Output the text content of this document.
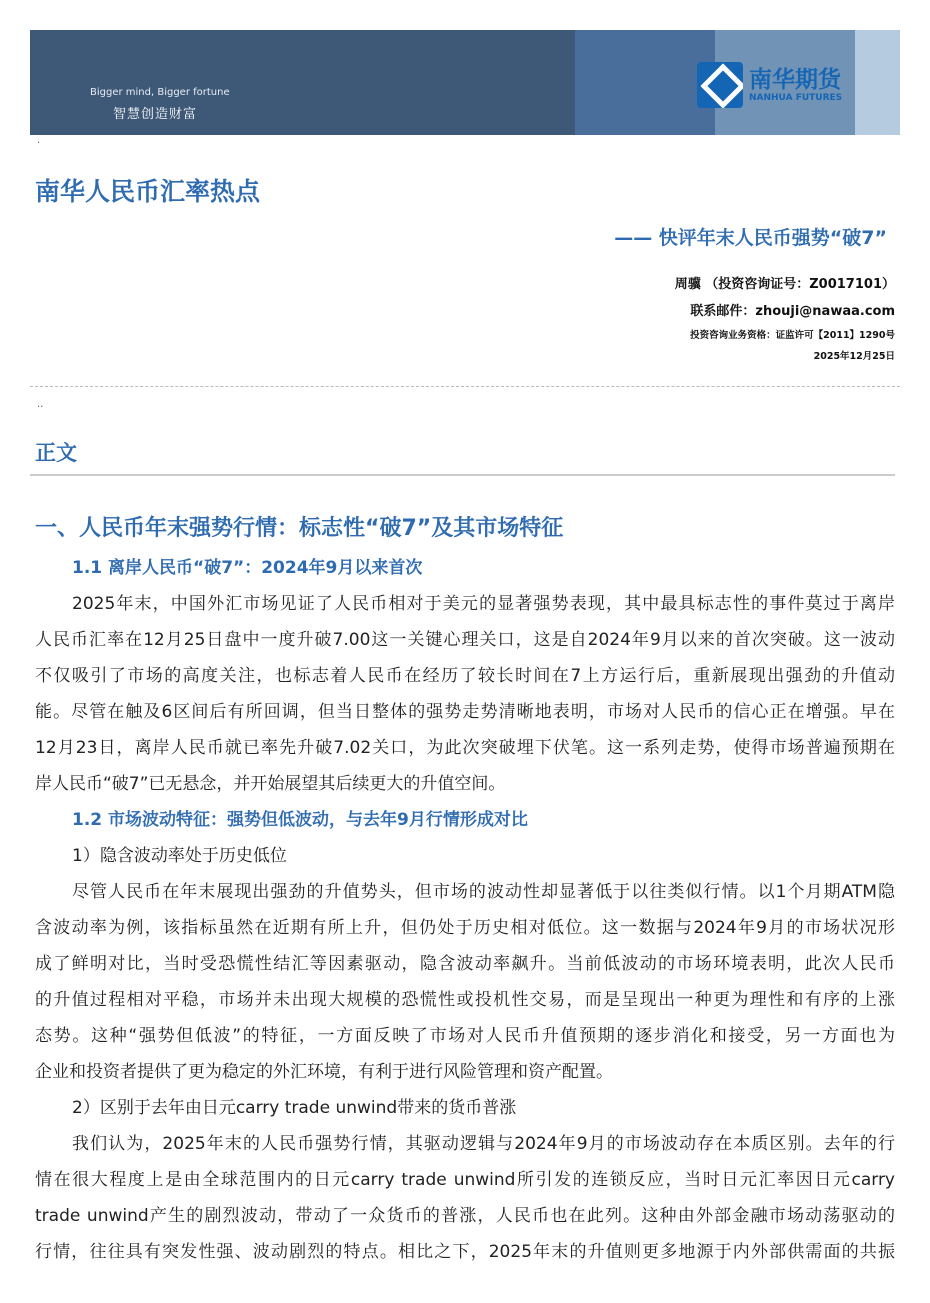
Bigger mind, Bigger fortune
智慧创造财富
南华期货
NANHUA FUTURES
·
南华人民币汇率热点
—— 快评年末人民币强势“破7”
周骥 （投资咨询证号：Z0017101）
联系邮件：zhouji@nawaa.com
投资咨询业务资格：证监许可【2011】1290号
2025年12月25日
··
正文
一、人民币年末强势行情：标志性“破7”及其市场特征
1.1 离岸人民币“破7”：2024年9月以来首次
2025年末，中国外汇市场见证了人民币相对于美元的显著强势表现，其中最具标志性的事件莫过于离岸
人民币汇率在12月25日盘中一度升破7.00这一关键心理关口，这是自2024年9月以来的首次突破。这一波动
不仅吸引了市场的高度关注，也标志着人民币在经历了较长时间在7上方运行后，重新展现出强劲的升值动
能。尽管在触及6区间后有所回调，但当日整体的强势走势清晰地表明，市场对人民币的信心正在增强。早在
12月23日，离岸人民币就已率先升破7.02关口，为此次突破埋下伏笔。这一系列走势，使得市场普遍预期在
岸人民币“破7”已无悬念，并开始展望其后续更大的升值空间。
1.2 市场波动特征：强势但低波动，与去年9月行情形成对比
1）隐含波动率处于历史低位
尽管人民币在年末展现出强劲的升值势头，但市场的波动性却显著低于以往类似行情。以1个月期ATM隐
含波动率为例，该指标虽然在近期有所上升，但仍处于历史相对低位。这一数据与2024年9月的市场状况形
成了鲜明对比，当时受恐慌性结汇等因素驱动，隐含波动率飙升。当前低波动的市场环境表明，此次人民币
的升值过程相对平稳，市场并未出现大规模的恐慌性或投机性交易，而是呈现出一种更为理性和有序的上涨
态势。这种“强势但低波”的特征，一方面反映了市场对人民币升值预期的逐步消化和接受，另一方面也为
企业和投资者提供了更为稳定的外汇环境，有利于进行风险管理和资产配置。
2）区别于去年由日元carry trade unwind带来的货币普涨
我们认为，2025年末的人民币强势行情，其驱动逻辑与2024年9月的市场波动存在本质区别。去年的行
情在很大程度上是由全球范围内的日元carry trade unwind所引发的连锁反应，当时日元汇率因日元carry
trade unwind产生的剧烈波动，带动了一众货币的普涨，人民币也在此列。这种由外部金融市场动荡驱动的
行情，往往具有突发性强、波动剧烈的特点。相比之下，2025年末的升值则更多地源于内外部供需面的共振
